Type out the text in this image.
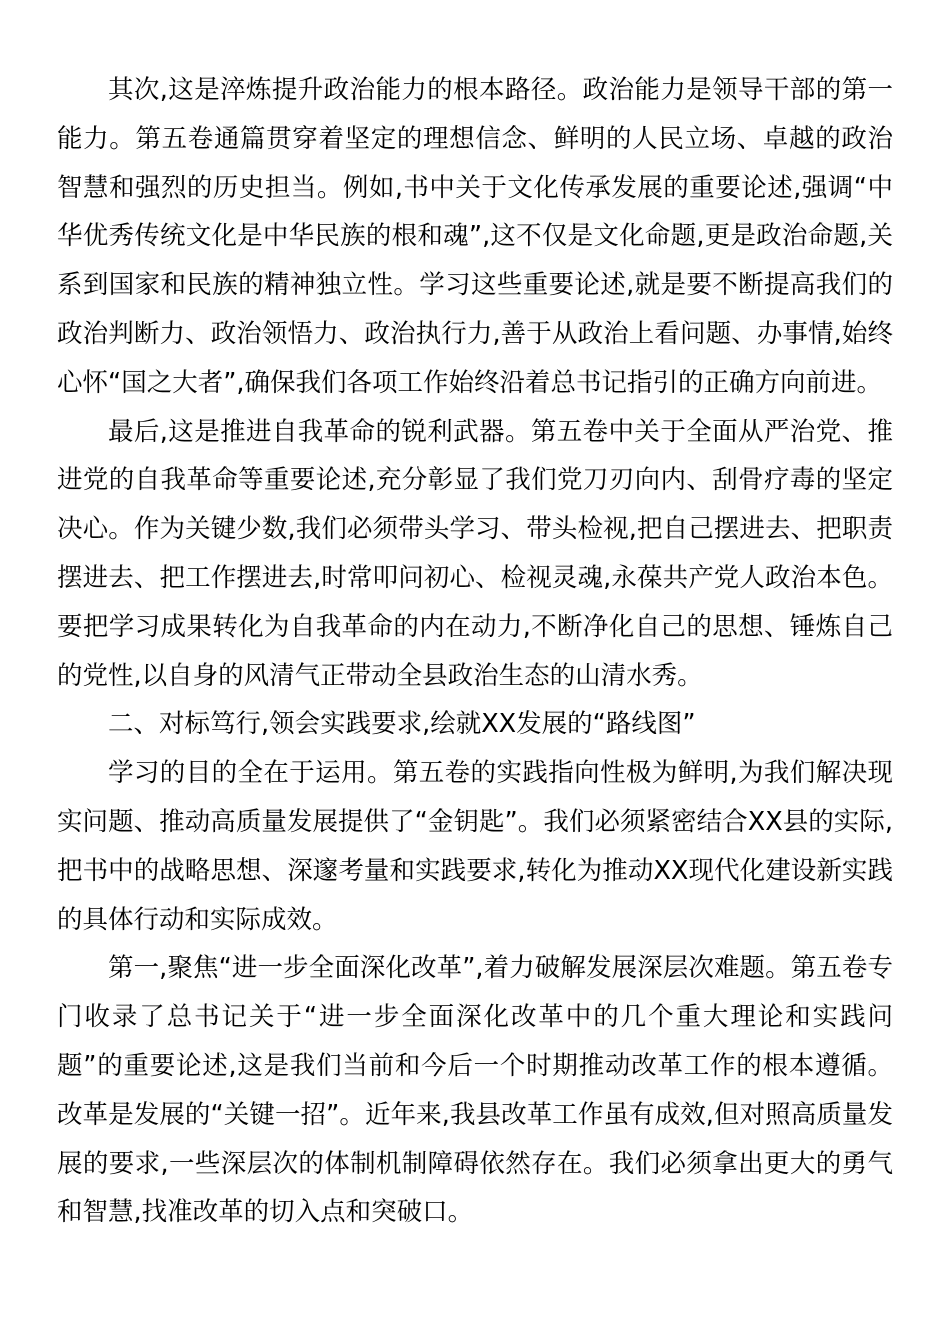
其次,这是淬炼提升政治能力的根本路径。政治能力是领导干部的第一能力。第五卷通篇贯穿着坚定的理想信念、鲜明的人民立场、卓越的政治智慧和强烈的历史担当。例如,书中关于文化传承发展的重要论述,强调“中华优秀传统文化是中华民族的根和魂”,这不仅是文化命题,更是政治命题,关系到国家和民族的精神独立性。学习这些重要论述,就是要不断提高我们的政治判断力、政治领悟力、政治执行力,善于从政治上看问题、办事情,始终心怀“国之大者”,确保我们各项工作始终沿着总书记指引的正确方向前进。

最后,这是推进自我革命的锐利武器。第五卷中关于全面从严治党、推进党的自我革命等重要论述,充分彰显了我们党刀刃向内、刮骨疗毒的坚定决心。作为关键少数,我们必须带头学习、带头检视,把自己摆进去、把职责摆进去、把工作摆进去,时常叩问初心、检视灵魂,永葆共产党人政治本色。要把学习成果转化为自我革命的内在动力,不断净化自己的思想、锤炼自己的党性,以自身的风清气正带动全县政治生态的山清水秀。

二、对标笃行,领会实践要求,绘就XX发展的“路线图”

学习的目的全在于运用。第五卷的实践指向性极为鲜明,为我们解决现实问题、推动高质量发展提供了“金钥匙”。我们必须紧密结合XX县的实际,把书中的战略思想、深邃考量和实践要求,转化为推动XX现代化建设新实践的具体行动和实际成效。

第一,聚焦“进一步全面深化改革”,着力破解发展深层次难题。第五卷专门收录了总书记关于“进一步全面深化改革中的几个重大理论和实践问题”的重要论述,这是我们当前和今后一个时期推动改革工作的根本遵循。改革是发展的“关键一招”。近年来,我县改革工作虽有成效,但对照高质量发展的要求,一些深层次的体制机制障碍依然存在。我们必须拿出更大的勇气和智慧,找准改革的切入点和突破口。
